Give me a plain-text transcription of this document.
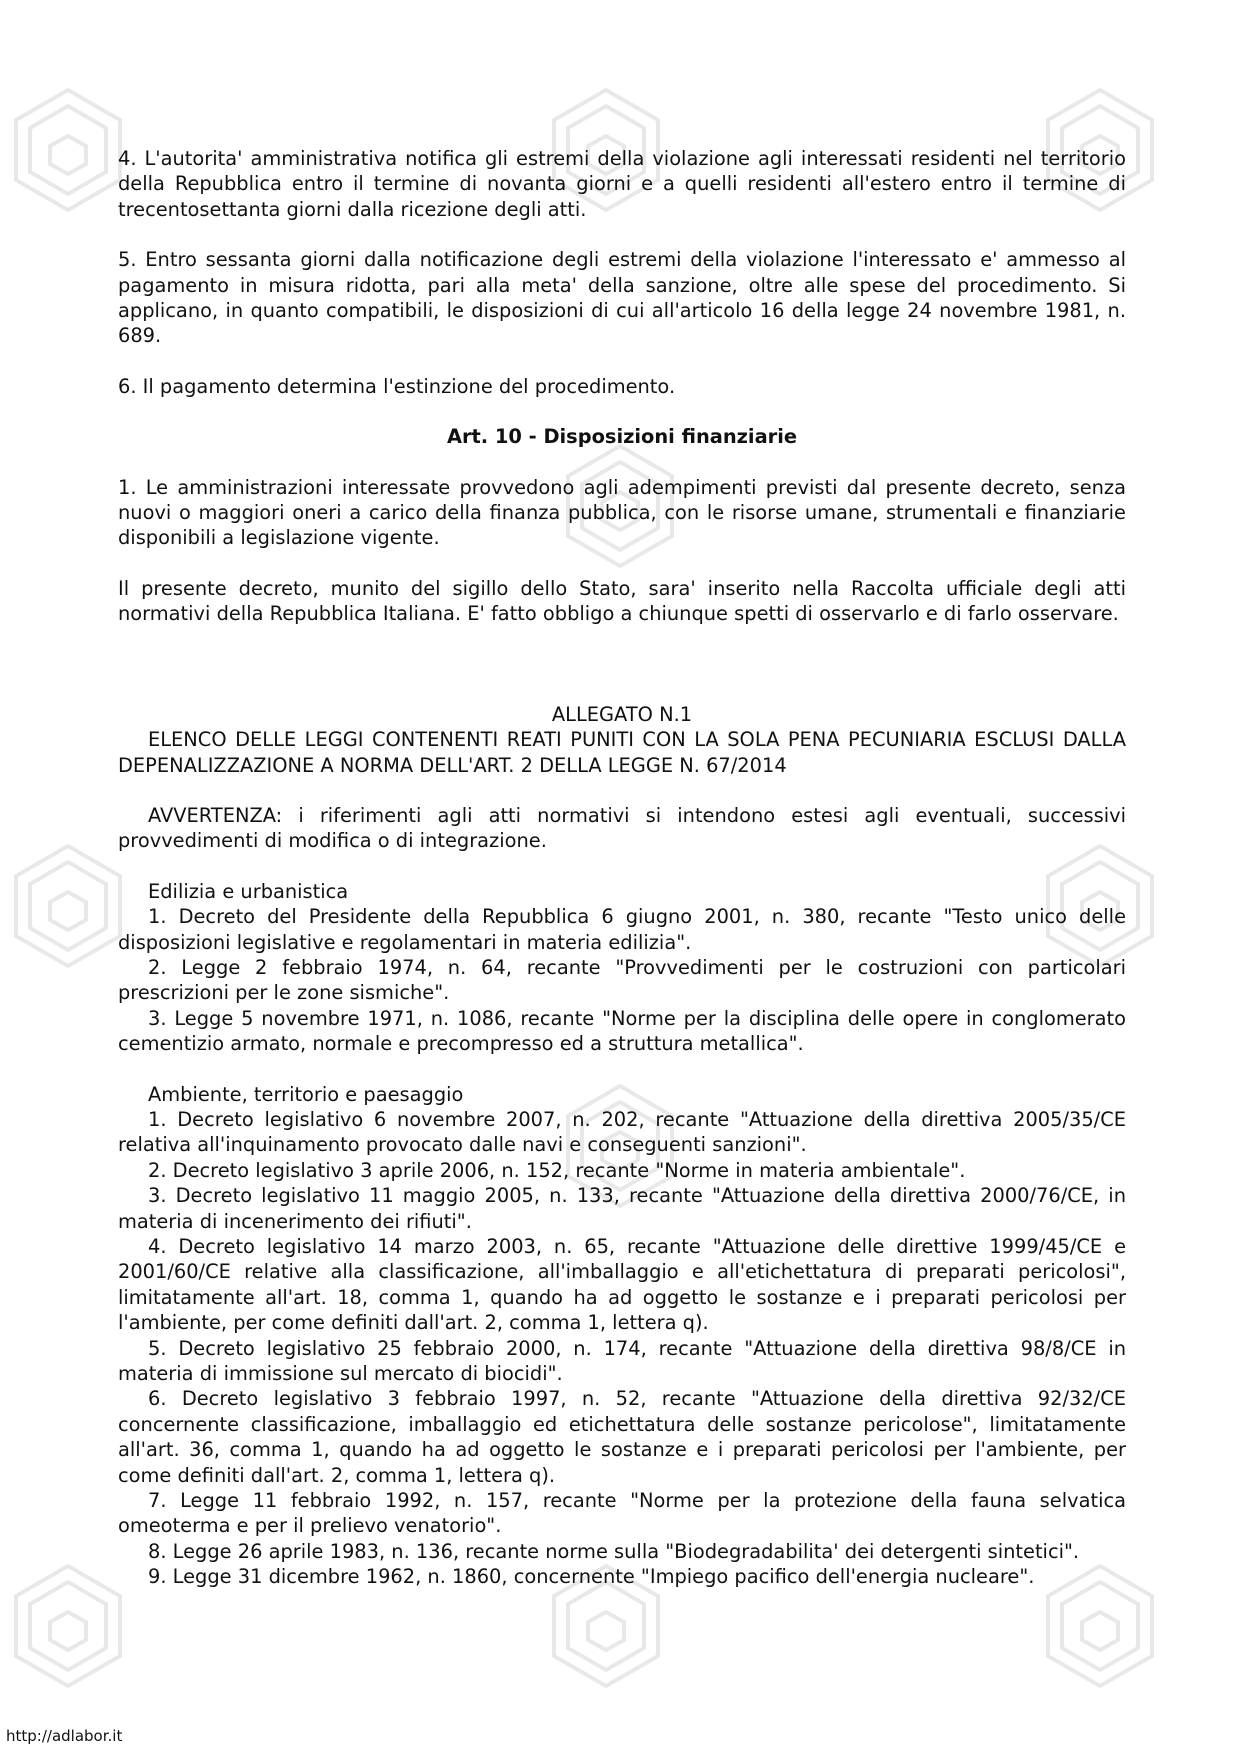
4. L'autorita' amministrativa notifica gli estremi della violazione agli interessati residenti nel territorio della Repubblica entro il termine di novanta giorni e a quelli residenti all'estero entro il termine di trecentosettanta giorni dalla ricezione degli atti.

5. Entro sessanta giorni dalla notificazione degli estremi della violazione l'interessato e' ammesso al pagamento in misura ridotta, pari alla meta' della sanzione, oltre alle spese del procedimento. Si applicano, in quanto compatibili, le disposizioni di cui all'articolo 16 della legge 24 novembre 1981, n. 689.

6. Il pagamento determina l'estinzione del procedimento.

Art. 10 - Disposizioni finanziarie

1. Le amministrazioni interessate provvedono agli adempimenti previsti dal presente decreto, senza nuovi o maggiori oneri a carico della finanza pubblica, con le risorse umane, strumentali e finanziarie disponibili a legislazione vigente.

Il presente decreto, munito del sigillo dello Stato, sara' inserito nella Raccolta ufficiale degli atti normativi della Repubblica Italiana. E' fatto obbligo a chiunque spetti di osservarlo e di farlo osservare.

ALLEGATO N.1

ELENCO DELLE LEGGI CONTENENTI REATI PUNITI CON LA SOLA PENA PECUNIARIA ESCLUSI DALLA DEPENALIZZAZIONE A NORMA DELL'ART. 2 DELLA LEGGE N. 67/2014

AVVERTENZA: i riferimenti agli atti normativi si intendono estesi agli eventuali, successivi provvedimenti di modifica o di integrazione.

Edilizia e urbanistica

1. Decreto del Presidente della Repubblica 6 giugno 2001, n. 380, recante "Testo unico delle disposizioni legislative e regolamentari in materia edilizia".

2. Legge 2 febbraio 1974, n. 64, recante "Provvedimenti per le costruzioni con particolari prescrizioni per le zone sismiche".

3. Legge 5 novembre 1971, n. 1086, recante "Norme per la disciplina delle opere in conglomerato cementizio armato, normale e precompresso ed a struttura metallica".

Ambiente, territorio e paesaggio

1. Decreto legislativo 6 novembre 2007, n. 202, recante "Attuazione della direttiva 2005/35/CE relativa all'inquinamento provocato dalle navi e conseguenti sanzioni".

2. Decreto legislativo 3 aprile 2006, n. 152, recante "Norme in materia ambientale".

3. Decreto legislativo 11 maggio 2005, n. 133, recante "Attuazione della direttiva 2000/76/CE, in materia di incenerimento dei rifiuti".

4. Decreto legislativo 14 marzo 2003, n. 65, recante "Attuazione delle direttive 1999/45/CE e 2001/60/CE relative alla classificazione, all'imballaggio e all'etichettatura di preparati pericolosi", limitatamente all'art. 18, comma 1, quando ha ad oggetto le sostanze e i preparati pericolosi per l'ambiente, per come definiti dall'art. 2, comma 1, lettera q).

5. Decreto legislativo 25 febbraio 2000, n. 174, recante "Attuazione della direttiva 98/8/CE in materia di immissione sul mercato di biocidi".

6. Decreto legislativo 3 febbraio 1997, n. 52, recante "Attuazione della direttiva 92/32/CE concernente classificazione, imballaggio ed etichettatura delle sostanze pericolose", limitatamente all'art. 36, comma 1, quando ha ad oggetto le sostanze e i preparati pericolosi per l'ambiente, per come definiti dall'art. 2, comma 1, lettera q).

7. Legge 11 febbraio 1992, n. 157, recante "Norme per la protezione della fauna selvatica omeoterma e per il prelievo venatorio".

8. Legge 26 aprile 1983, n. 136, recante norme sulla "Biodegradabilita' dei detergenti sintetici".

9. Legge 31 dicembre 1962, n. 1860, concernente "Impiego pacifico dell'energia nucleare".

http://adlabor.it
